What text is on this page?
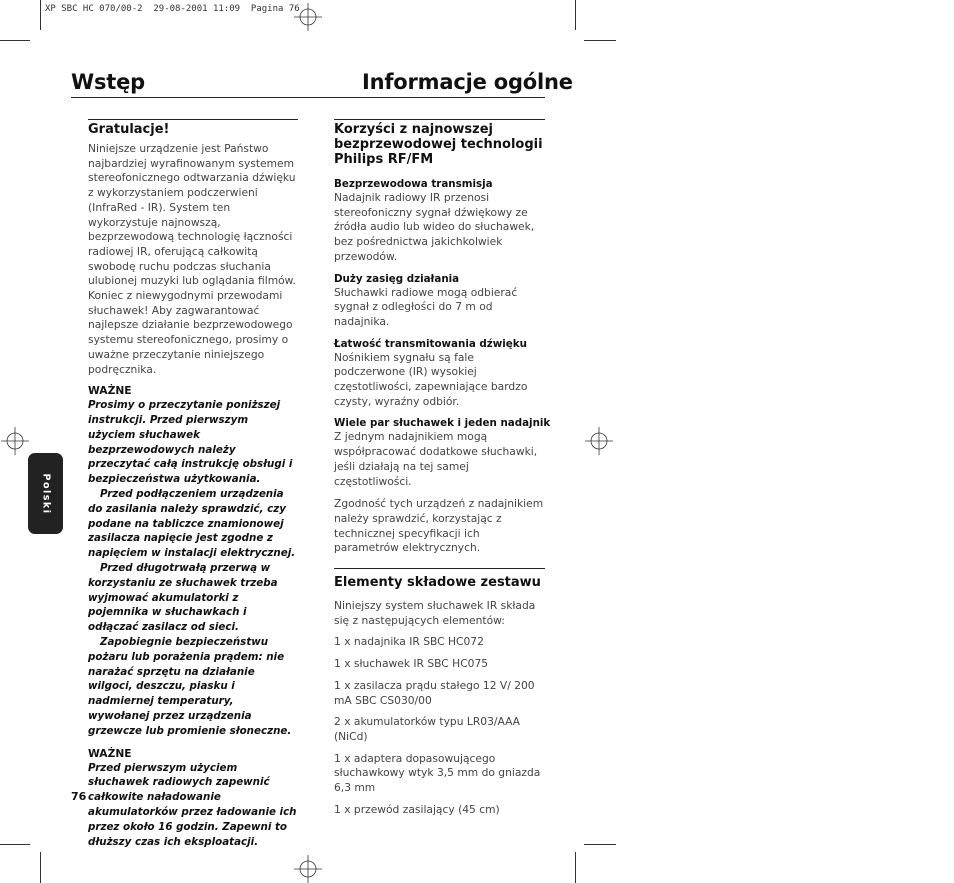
XP SBC HC 070/00-2  29-08-2001 11:09  Pagina 76
Wstęp	Informacje ogólne
Polski
Gratulacje!

Niniejsze urządzenie jest Państwo najbardziej wyrafinowanym systemem stereofonicznego odtwarzania dźwięku z wykorzystaniem podczerwieni (InfraRed - IR). System ten wykorzystuje najnowszą, bezprzewodową technologię łączności radiowej IR, oferującą całkowitą swobodę ruchu podczas słuchania ulubionej muzyki lub oglądania filmów. Koniec z niewygodnymi przewodami słuchawek! Aby zagwarantować najlepsze działanie bezprzewodowego systemu stereofonicznego, prosimy o uważne przeczytanie niniejszego podręcznika.

WAŻNE
Prosimy o przeczytanie poniższej instrukcji. Przed pierwszym użyciem słuchawek bezprzewodowych należy przeczytać całą instrukcję obsługi i bezpieczeństwa użytkowania.
Przed podłączeniem urządzenia do zasilania należy sprawdzić, czy podane na tabliczce znamionowej zasilacza napięcie jest zgodne z napięciem w instalacji elektrycznej.
Przed długotrwałą przerwą w korzystaniu ze słuchawek trzeba wyjmować akumulatorki z pojemnika w słuchawkach i odłączać zasilacz od sieci.
Zapobiegnie bezpieczeństwu pożaru lub porażenia prądem: nie narażać sprzętu na działanie wilgoci, deszczu, piasku i nadmiernej temperatury, wywołanej przez urządzenia grzewcze lub promienie słoneczne.
WAŻNE
Przed pierwszym użyciem słuchawek radiowych zapewnić całkowite naładowanie akumulatorków przez ładowanie ich przez około 16 godzin. Zapewni to dłuższy czas ich eksploatacji.
Korzyści z najnowszej bezprzewodowej technologii Philips RF/FM
Bezprzewodowa transmisja

Nadajnik radiowy IR przenosi stereofoniczny sygnał dźwiękowy ze źródła audio lub wideo do słuchawek, bez pośrednictwa jakichkolwiek przewodów.

Duży zasięg działania

Słuchawki radiowe mogą odbierać sygnał z odległości do 7 m od nadajnika.

Łatwość transmitowania dźwięku

Nośnikiem sygnału są fale podczerwone (IR) wysokiej częstotliwości, zapewniające bardzo czysty, wyraźny odbiór.

Wiele par słuchawek i jeden nadajnik

Z jednym nadajnikiem mogą współpracować dodatkowe słuchawki, jeśli działają na tej samej częstotliwości.

Zgodność tych urządzeń z nadajnikiem należy sprawdzić, korzystając z technicznej specyfikacji ich parametrów elektrycznych.

Elementy składowe zestawu

Niniejszy system słuchawek IR składa się z następujących elementów:

1 x nadajnika IR SBC HC072

1 x słuchawek IR SBC HC075

1 x zasilacza prądu stałego 12 V/ 200 mA SBC CS030/00

2 x akumulatorków typu LR03/AAA (NiCd)

1 x adaptera dopasowującego słuchawkowy wtyk 3,5 mm do gniazda 6,3 mm

1 x przewód zasilający (45 cm)

76
